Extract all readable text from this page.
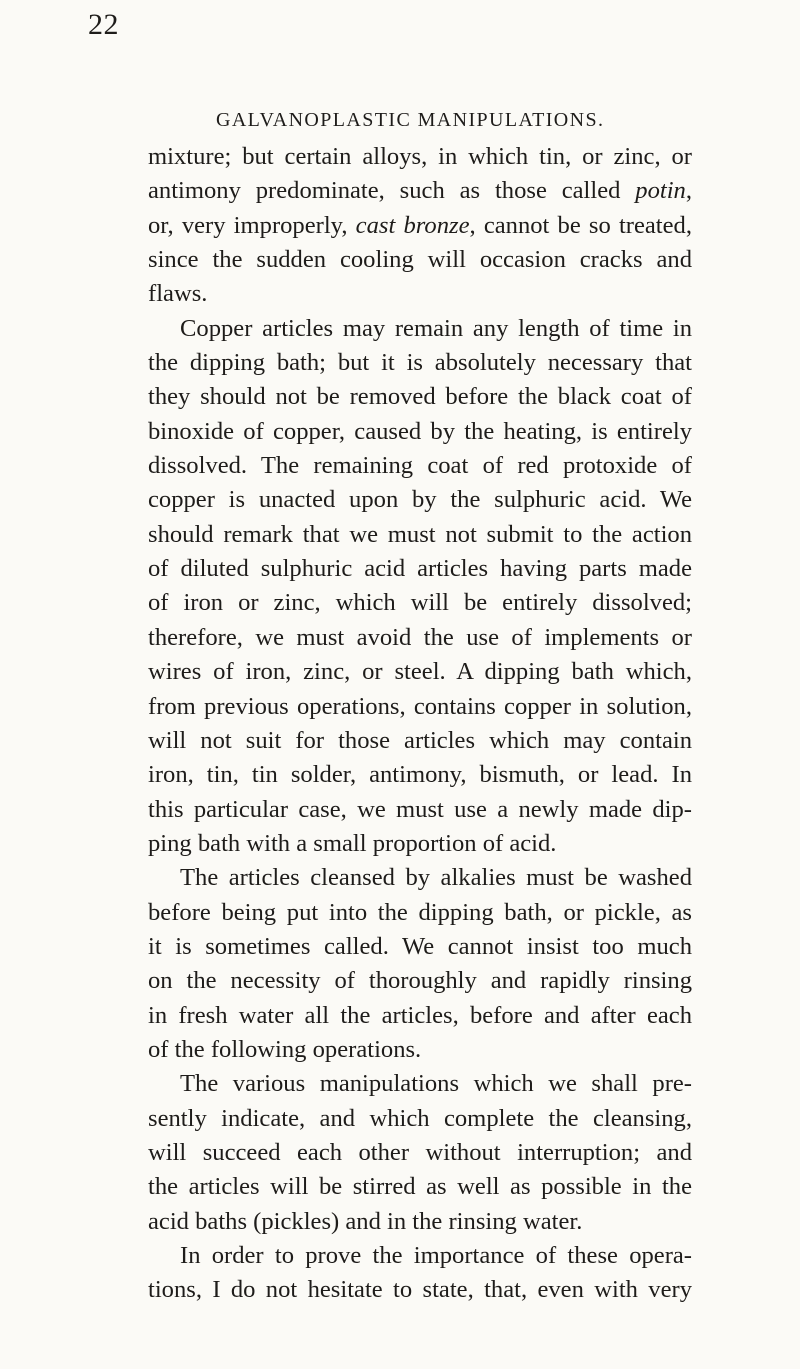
22
GALVANOPLASTIC MANIPULATIONS.
mixture; but certain alloys, in which tin, or zinc, or
antimony predominate, such as those called potin,
or, very improperly, cast bronze, cannot be so treated,
since the sudden cooling will occasion cracks and
flaws.
Copper articles may remain any length of time in
the dipping bath; but it is absolutely necessary that
they should not be removed before the black coat of
binoxide of copper, caused by the heating, is entirely
dissolved. The remaining coat of red protoxide of
copper is unacted upon by the sulphuric acid. We
should remark that we must not submit to the action
of diluted sulphuric acid articles having parts made
of iron or zinc, which will be entirely dissolved;
therefore, we must avoid the use of implements or
wires of iron, zinc, or steel. A dipping bath which,
from previous operations, contains copper in solution,
will not suit for those articles which may contain
iron, tin, tin solder, antimony, bismuth, or lead. In
this particular case, we must use a newly made dip-
ping bath with a small proportion of acid.
The articles cleansed by alkalies must be washed
before being put into the dipping bath, or pickle, as
it is sometimes called. We cannot insist too much
on the necessity of thoroughly and rapidly rinsing
in fresh water all the articles, before and after each
of the following operations.
The various manipulations which we shall pre-
sently indicate, and which complete the cleansing,
will succeed each other without interruption; and
the articles will be stirred as well as possible in the
acid baths (pickles) and in the rinsing water.
In order to prove the importance of these opera-
tions, I do not hesitate to state, that, even with very
